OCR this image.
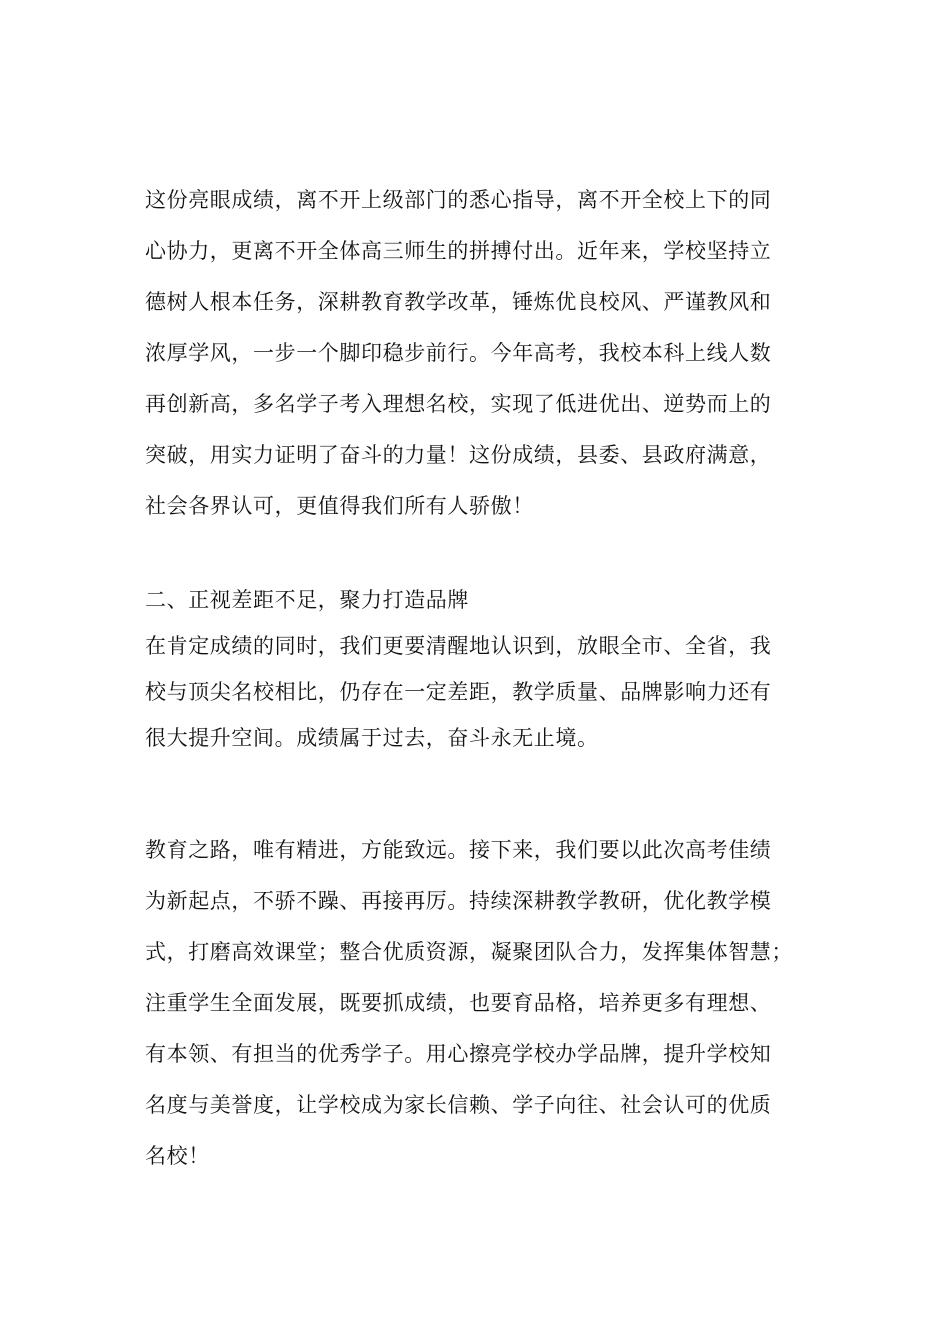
这份亮眼成绩，离不开上级部门的悉心指导，离不开全校上下的同
心协力，更离不开全体高三师生的拼搏付出。近年来，学校坚持立
德树人根本任务，深耕教育教学改革，锤炼优良校风、严谨教风和
浓厚学风，一步一个脚印稳步前行。今年高考，我校本科上线人数
再创新高，多名学子考入理想名校，实现了低进优出、逆势而上的
突破，用实力证明了奋斗的力量！这份成绩，县委、县政府满意，
社会各界认可，更值得我们所有人骄傲！
二、正视差距不足，聚力打造品牌
在肯定成绩的同时，我们更要清醒地认识到，放眼全市、全省，我
校与顶尖名校相比，仍存在一定差距，教学质量、品牌影响力还有
很大提升空间。成绩属于过去，奋斗永无止境。
教育之路，唯有精进，方能致远。接下来，我们要以此次高考佳绩
为新起点，不骄不躁、再接再厉。持续深耕教学教研，优化教学模
式，打磨高效课堂；整合优质资源，凝聚团队合力，发挥集体智慧；
注重学生全面发展，既要抓成绩，也要育品格，培养更多有理想、
有本领、有担当的优秀学子。用心擦亮学校办学品牌，提升学校知
名度与美誉度，让学校成为家长信赖、学子向往、社会认可的优质
名校！
